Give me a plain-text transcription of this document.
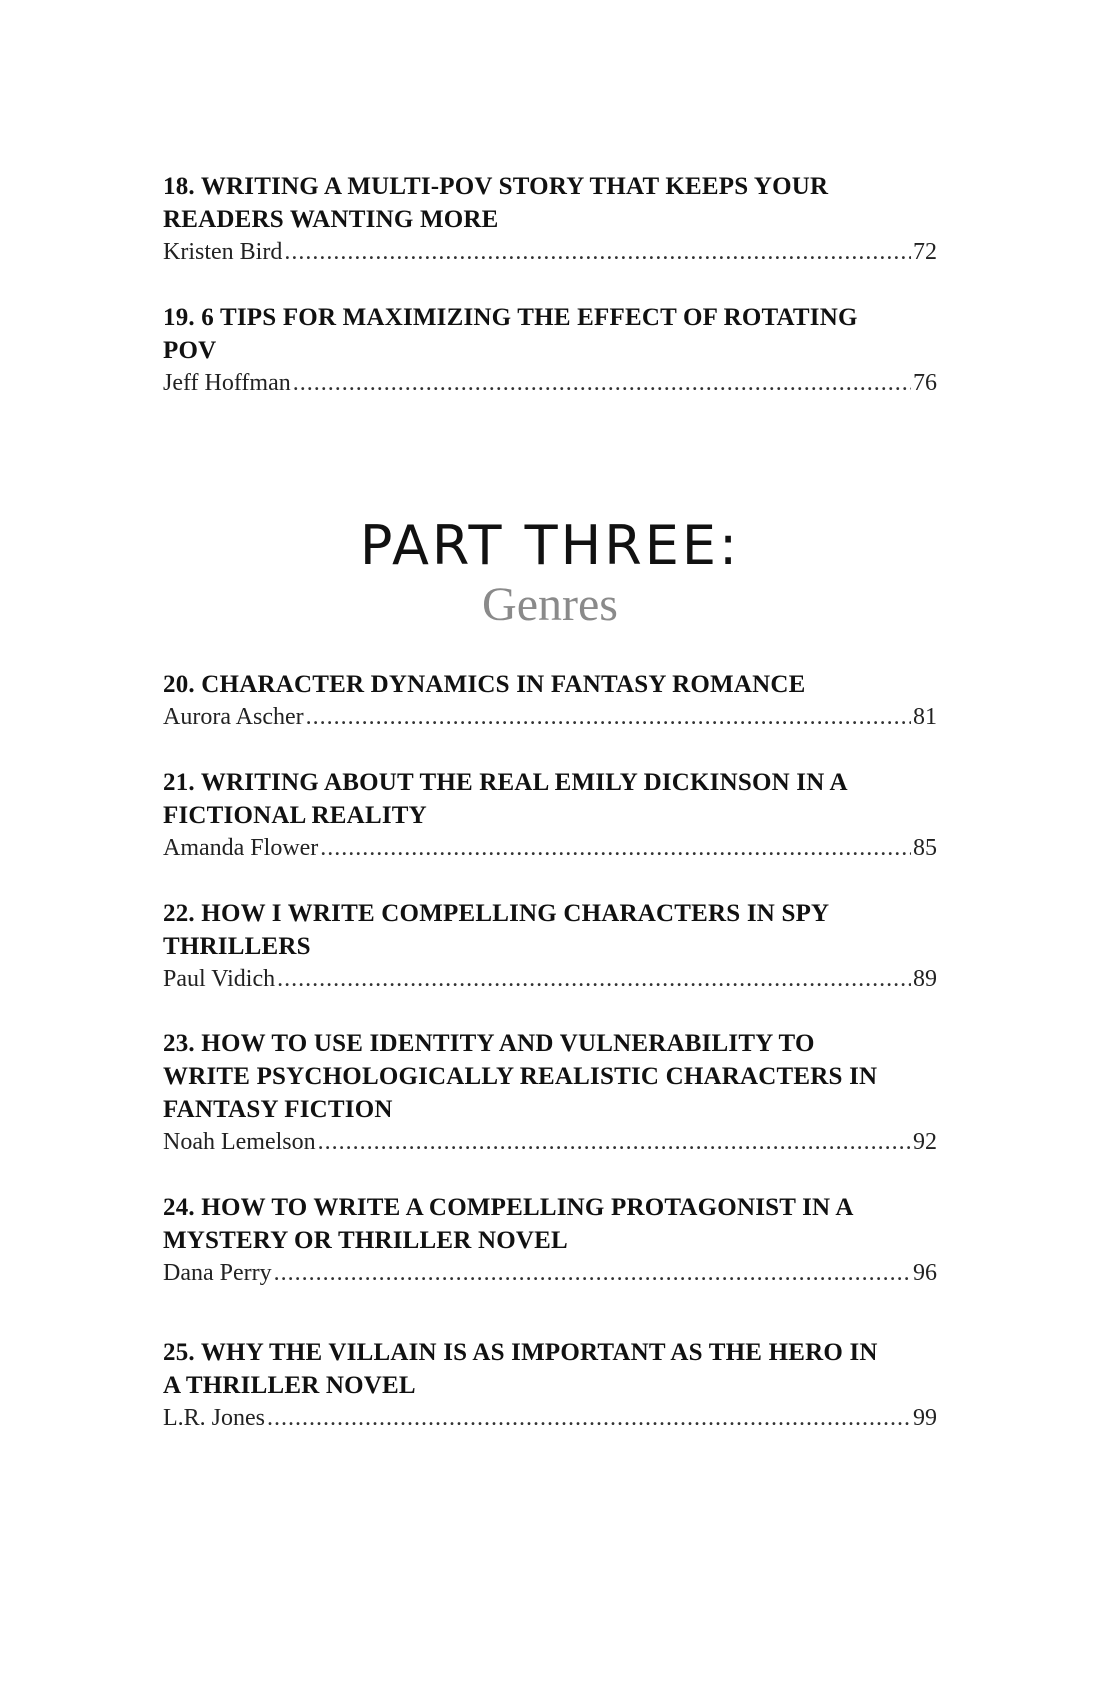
18. WRITING A MULTI-POV STORY THAT KEEPS YOUR
READERS WANTING MORE
Kristen Bird .....	72
19. 6 TIPS FOR MAXIMIZING THE EFFECT OF ROTATING
POV
Jeff Hoffman .....	76
PART THREE:
Genres
20. CHARACTER DYNAMICS IN FANTASY ROMANCE
Aurora Ascher .....	81
21. WRITING ABOUT THE REAL EMILY DICKINSON IN A
FICTIONAL REALITY
Amanda Flower .....	85
22. HOW I WRITE COMPELLING CHARACTERS IN SPY
THRILLERS
Paul Vidich .....	89
23. HOW TO USE IDENTITY AND VULNERABILITY TO
WRITE PSYCHOLOGICALLY REALISTIC CHARACTERS IN
FANTASY FICTION
Noah Lemelson .....	92
24. HOW TO WRITE A COMPELLING PROTAGONIST IN A
MYSTERY OR THRILLER NOVEL
Dana Perry .....	96
25. WHY THE VILLAIN IS AS IMPORTANT AS THE HERO IN
A THRILLER NOVEL
L.R. Jones .....	99
